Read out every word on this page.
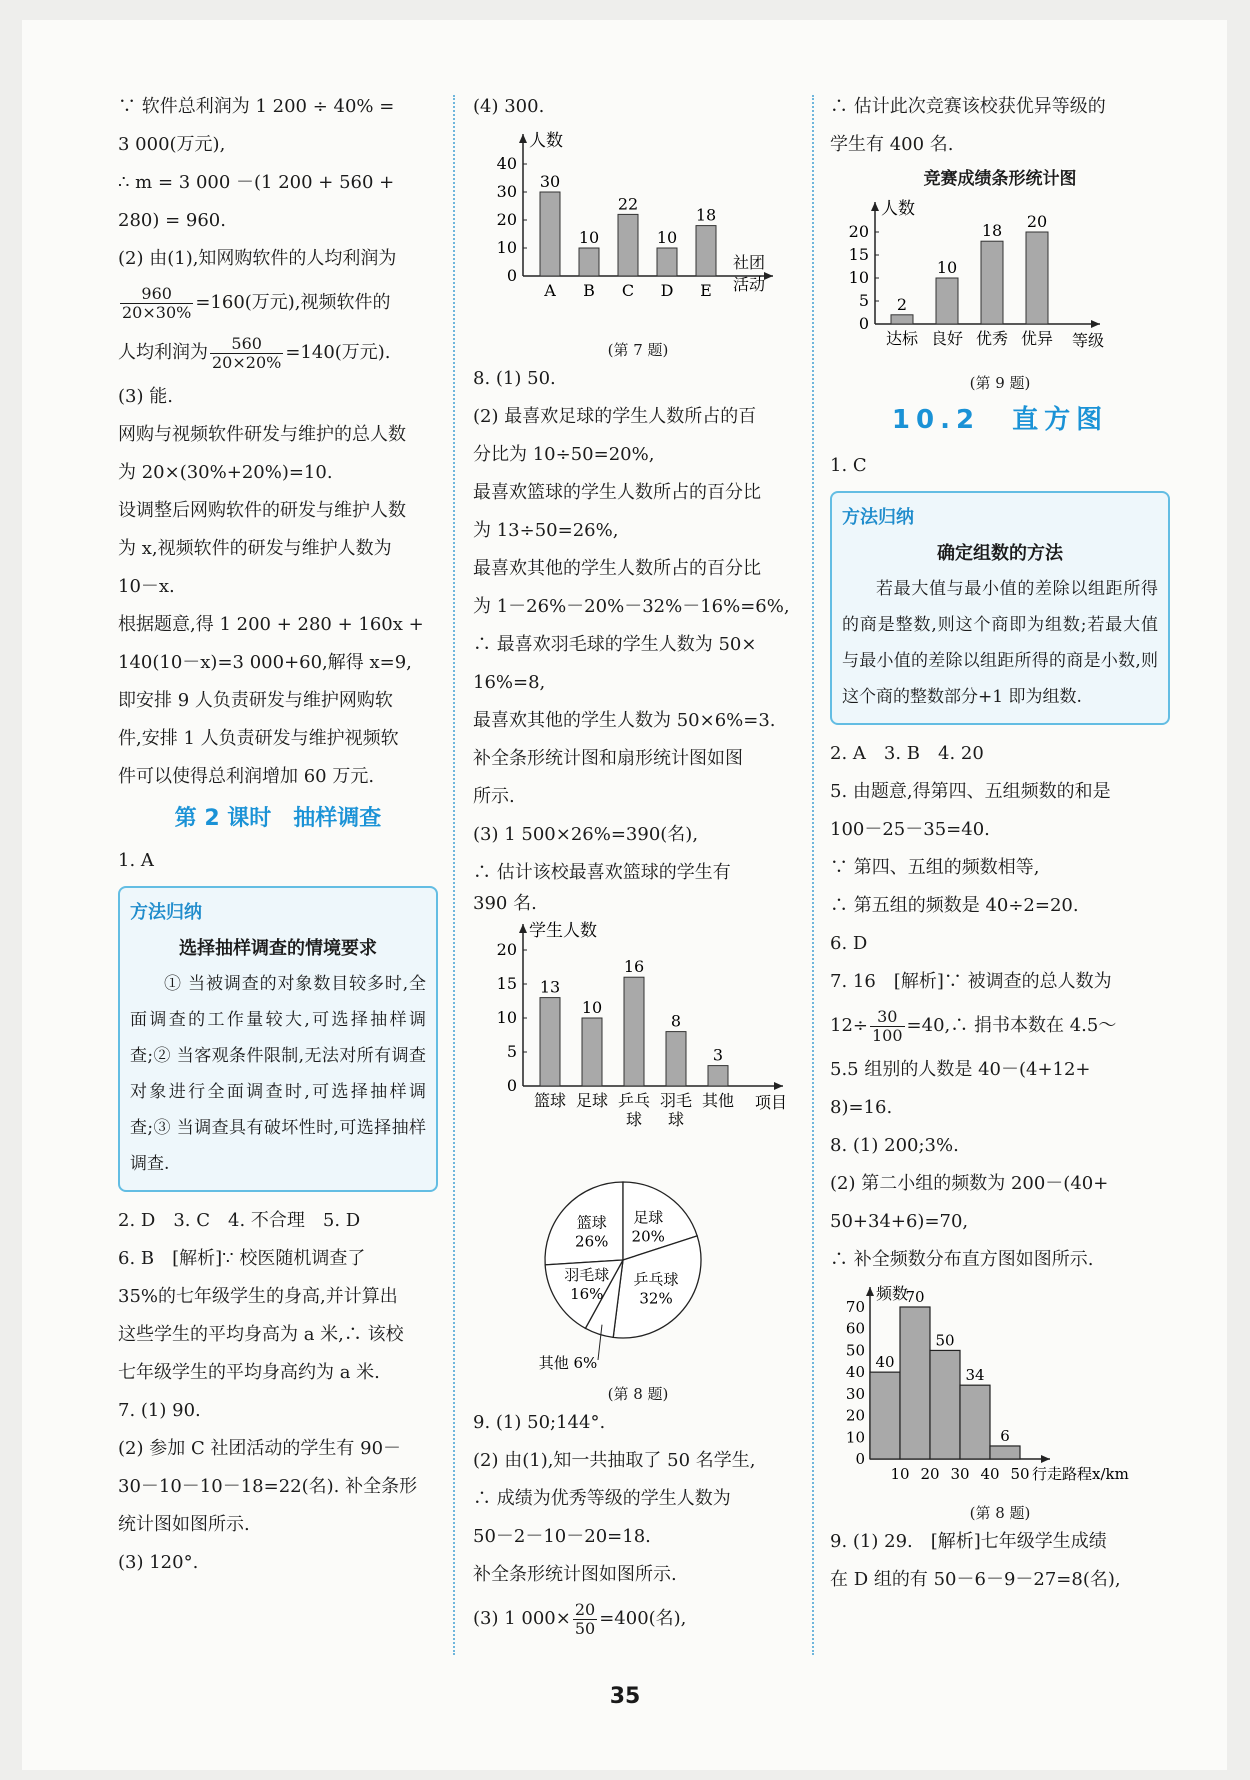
∵ 软件总利润为 1 200 ÷ 40% =

3 000(万元),

∴ m = 3 000 －(1 200 + 560 +

280) = 960.

(2) 由(1),知网购软件的人均利润为

$\frac{960}{20\times 30\%} =160$(万元),视频软件的

人均利润为 $\frac{560}{20\times 20\%} =140$(万元).

(3) 能.

网购与视频软件研发与维护的总人数

为 20×(30%+20%)=10.

设调整后网购软件的研发与维护人数

为 x,视频软件的研发与维护人数为

10－x.

根据题意,得 1 200 + 280 + 160x +

140(10－x)=3 000+60,解得 x=9,

即安排 9 人负责研发与维护网购软

件,安排 1 人负责研发与维护视频软

件可以使得总利润增加 60 万元.

第 2 课时　抽样调查

1. A

方法归纳
选择抽样调查的情境要求
① 当被调查的对象数目较多时,全面调查的工作量较大,可选择抽样调查;② 当客观条件限制,无法对所有调查对象进行全面调查时,可选择抽样调查;③ 当调查具有破坏性时,可选择抽样调查.

2. D　3. C　4. 不合理　5. D

6. B　[解析]∵ 校医随机调查了

35%的七年级学生的身高,并计算出

这些学生的平均身高为 a 米,∴ 该校

七年级学生的平均身高约为 a 米.

7. (1) 90.

(2) 参加 C 社团活动的学生有 90－

30－10－10－18=22(名). 补全条形

统计图如图所示.

(3) 120°.

(4) 300.

人数
0
10
20
30
40
30
A
10
B
22
C
10
D
18
E
社团
活动
(第 7 题)

8. (1) 50.

(2) 最喜欢足球的学生人数所占的百

分比为 10÷50=20%,

最喜欢篮球的学生人数所占的百分比

为 13÷50=26%,

最喜欢其他的学生人数所占的百分比

为 1－26%－20%－32%－16%=6%,

∴ 最喜欢羽毛球的学生人数为 50×

16%=8,

最喜欢其他的学生人数为 50×6%=3.

补全条形统计图和扇形统计图如图

所示.

(3) 1 500×26%=390(名),

∴ 估计该校最喜欢篮球的学生有

390 名.

学生人数
0
5
10
15
20
13
篮球
10
足球
16
乒乓
球
8
羽毛
球
3
其他 项目

篮球
26%
足球
20%
乒乓球
32%
其他 6%
羽毛球
16%
(第 8 题)

9. (1) 50;144°.

(2) 由(1),知一共抽取了 50 名学生,

∴ 成绩为优秀等级的学生人数为

50－2－10－20=18.

补全条形统计图如图所示.

(3) 1 $000\times \frac{20}{50} =400$(名),

∴ 估计此次竞赛该校获优异等级的

学生有 400 名.

竞赛成绩条形统计图
人数
0
5
10
15
20
2
达标
10
良好
18
优秀
20
优异 等级
(第 9 题)
10.2　直方图

1. C

方法归纳
确定组数的方法
若最大值与最小值的差除以组距所得的商是整数,则这个商即为组数;若最大值与最小值的差除以组距所得的商是小数,则这个商的整数部分+1 即为组数.

2. A　3. B　4. 20

5. 由题意,得第四、五组频数的和是

100－25－35=40.

∵ 第四、五组的频数相等,

∴ 第五组的频数是 40÷2=20.

6. D

7. 16　[解析]∵ 被调查的总人数为

$12\div \frac{30}{100}$ =40,∴ 捐书本数在 4.5～

5.5 组别的人数是 40－(4+12+

8)=16.

8. (1) 200;3%.

(2) 第二小组的频数为 200－(40+

50+34+6)=70,

∴ 补全频数分布直方图如图所示.

频数
0
10
20
30
40
50
60
70
40
70
50
34
6
10 20 30 40 50 行走路程x/km
(第 8 题)

9. (1) 29.　[解析]七年级学生成绩

在 D 组的有 50－6－9－27=8(名),

35
